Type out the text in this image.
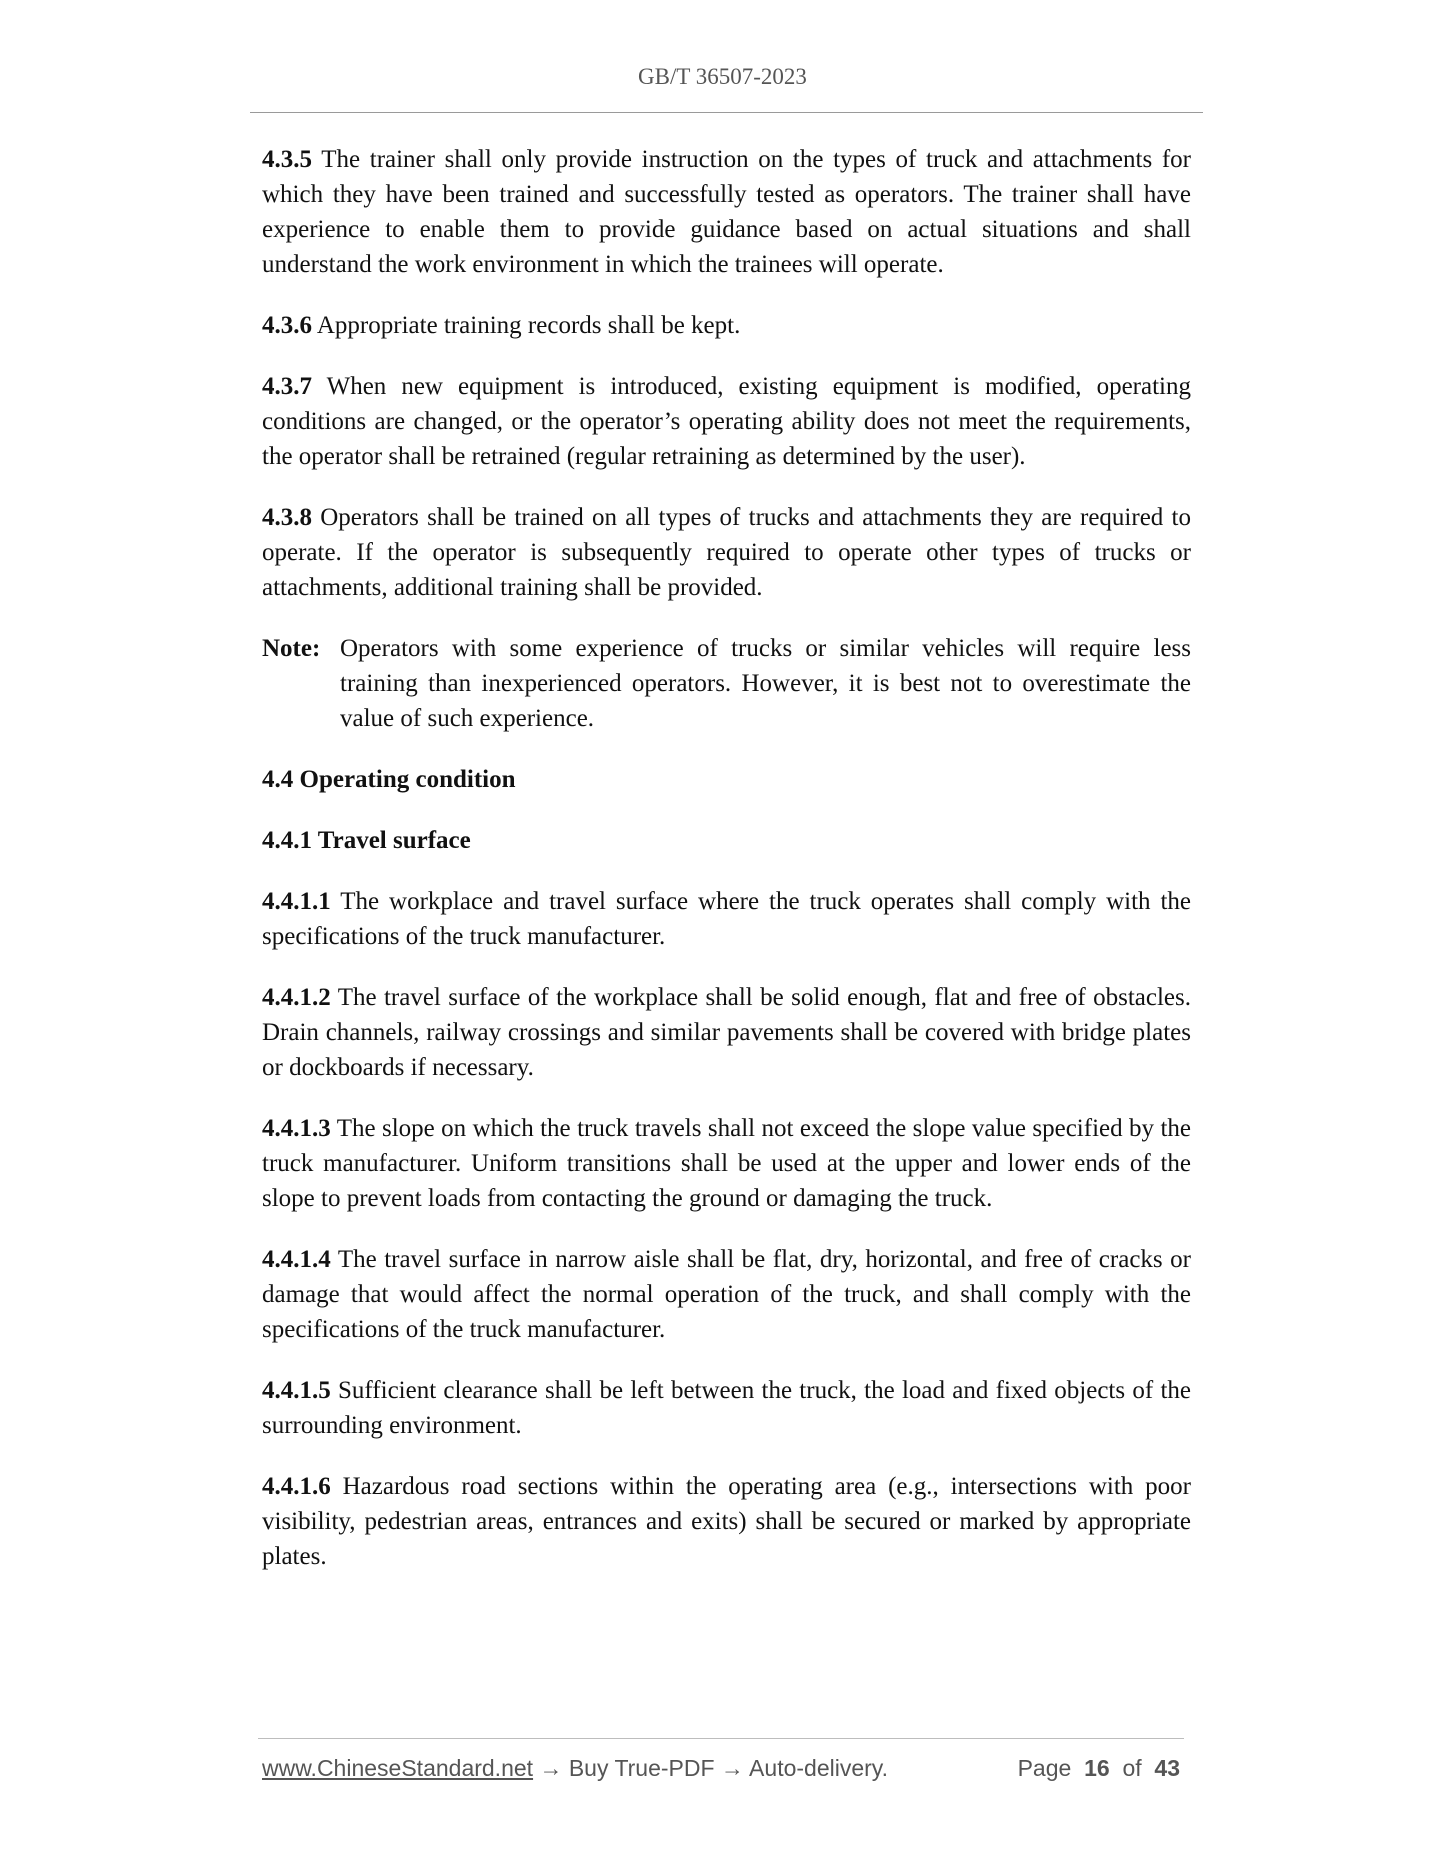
GB/T 36507-2023

4.3.5 The trainer shall only provide instruction on the types of truck and attachments for which they have been trained and successfully tested as operators. The trainer shall have experience to enable them to provide guidance based on actual situations and shall understand the work environment in which the trainees will operate.

4.3.6 Appropriate training records shall be kept.

4.3.7 When new equipment is introduced, existing equipment is modified, operating conditions are changed, or the operator’s operating ability does not meet the requirements, the operator shall be retrained (regular retraining as determined by the user).

4.3.8 Operators shall be trained on all types of trucks and attachments they are required to operate. If the operator is subsequently required to operate other types of trucks or attachments, additional training shall be provided.

Note: Operators with some experience of trucks or similar vehicles will require less training than inexperienced operators. However, it is best not to overestimate the value of such experience.
4.4 Operating condition
4.4.1 Travel surface

4.4.1.1 The workplace and travel surface where the truck operates shall comply with the specifications of the truck manufacturer.

4.4.1.2 The travel surface of the workplace shall be solid enough, flat and free of obstacles. Drain channels, railway crossings and similar pavements shall be covered with bridge plates or dockboards if necessary.

4.4.1.3 The slope on which the truck travels shall not exceed the slope value specified by the truck manufacturer. Uniform transitions shall be used at the upper and lower ends of the slope to prevent loads from contacting the ground or damaging the truck.

4.4.1.4 The travel surface in narrow aisle shall be flat, dry, horizontal, and free of cracks or damage that would affect the normal operation of the truck, and shall comply with the specifications of the truck manufacturer.

4.4.1.5 Sufficient clearance shall be left between the truck, the load and fixed objects of the surrounding environment.

4.4.1.6 Hazardous road sections within the operating area (e.g., intersections with poor visibility, pedestrian areas, entrances and exits) shall be secured or marked by appropriate plates.

www.ChineseStandard.net → Buy True-PDF → Auto-delivery.	Page 16 of 43
